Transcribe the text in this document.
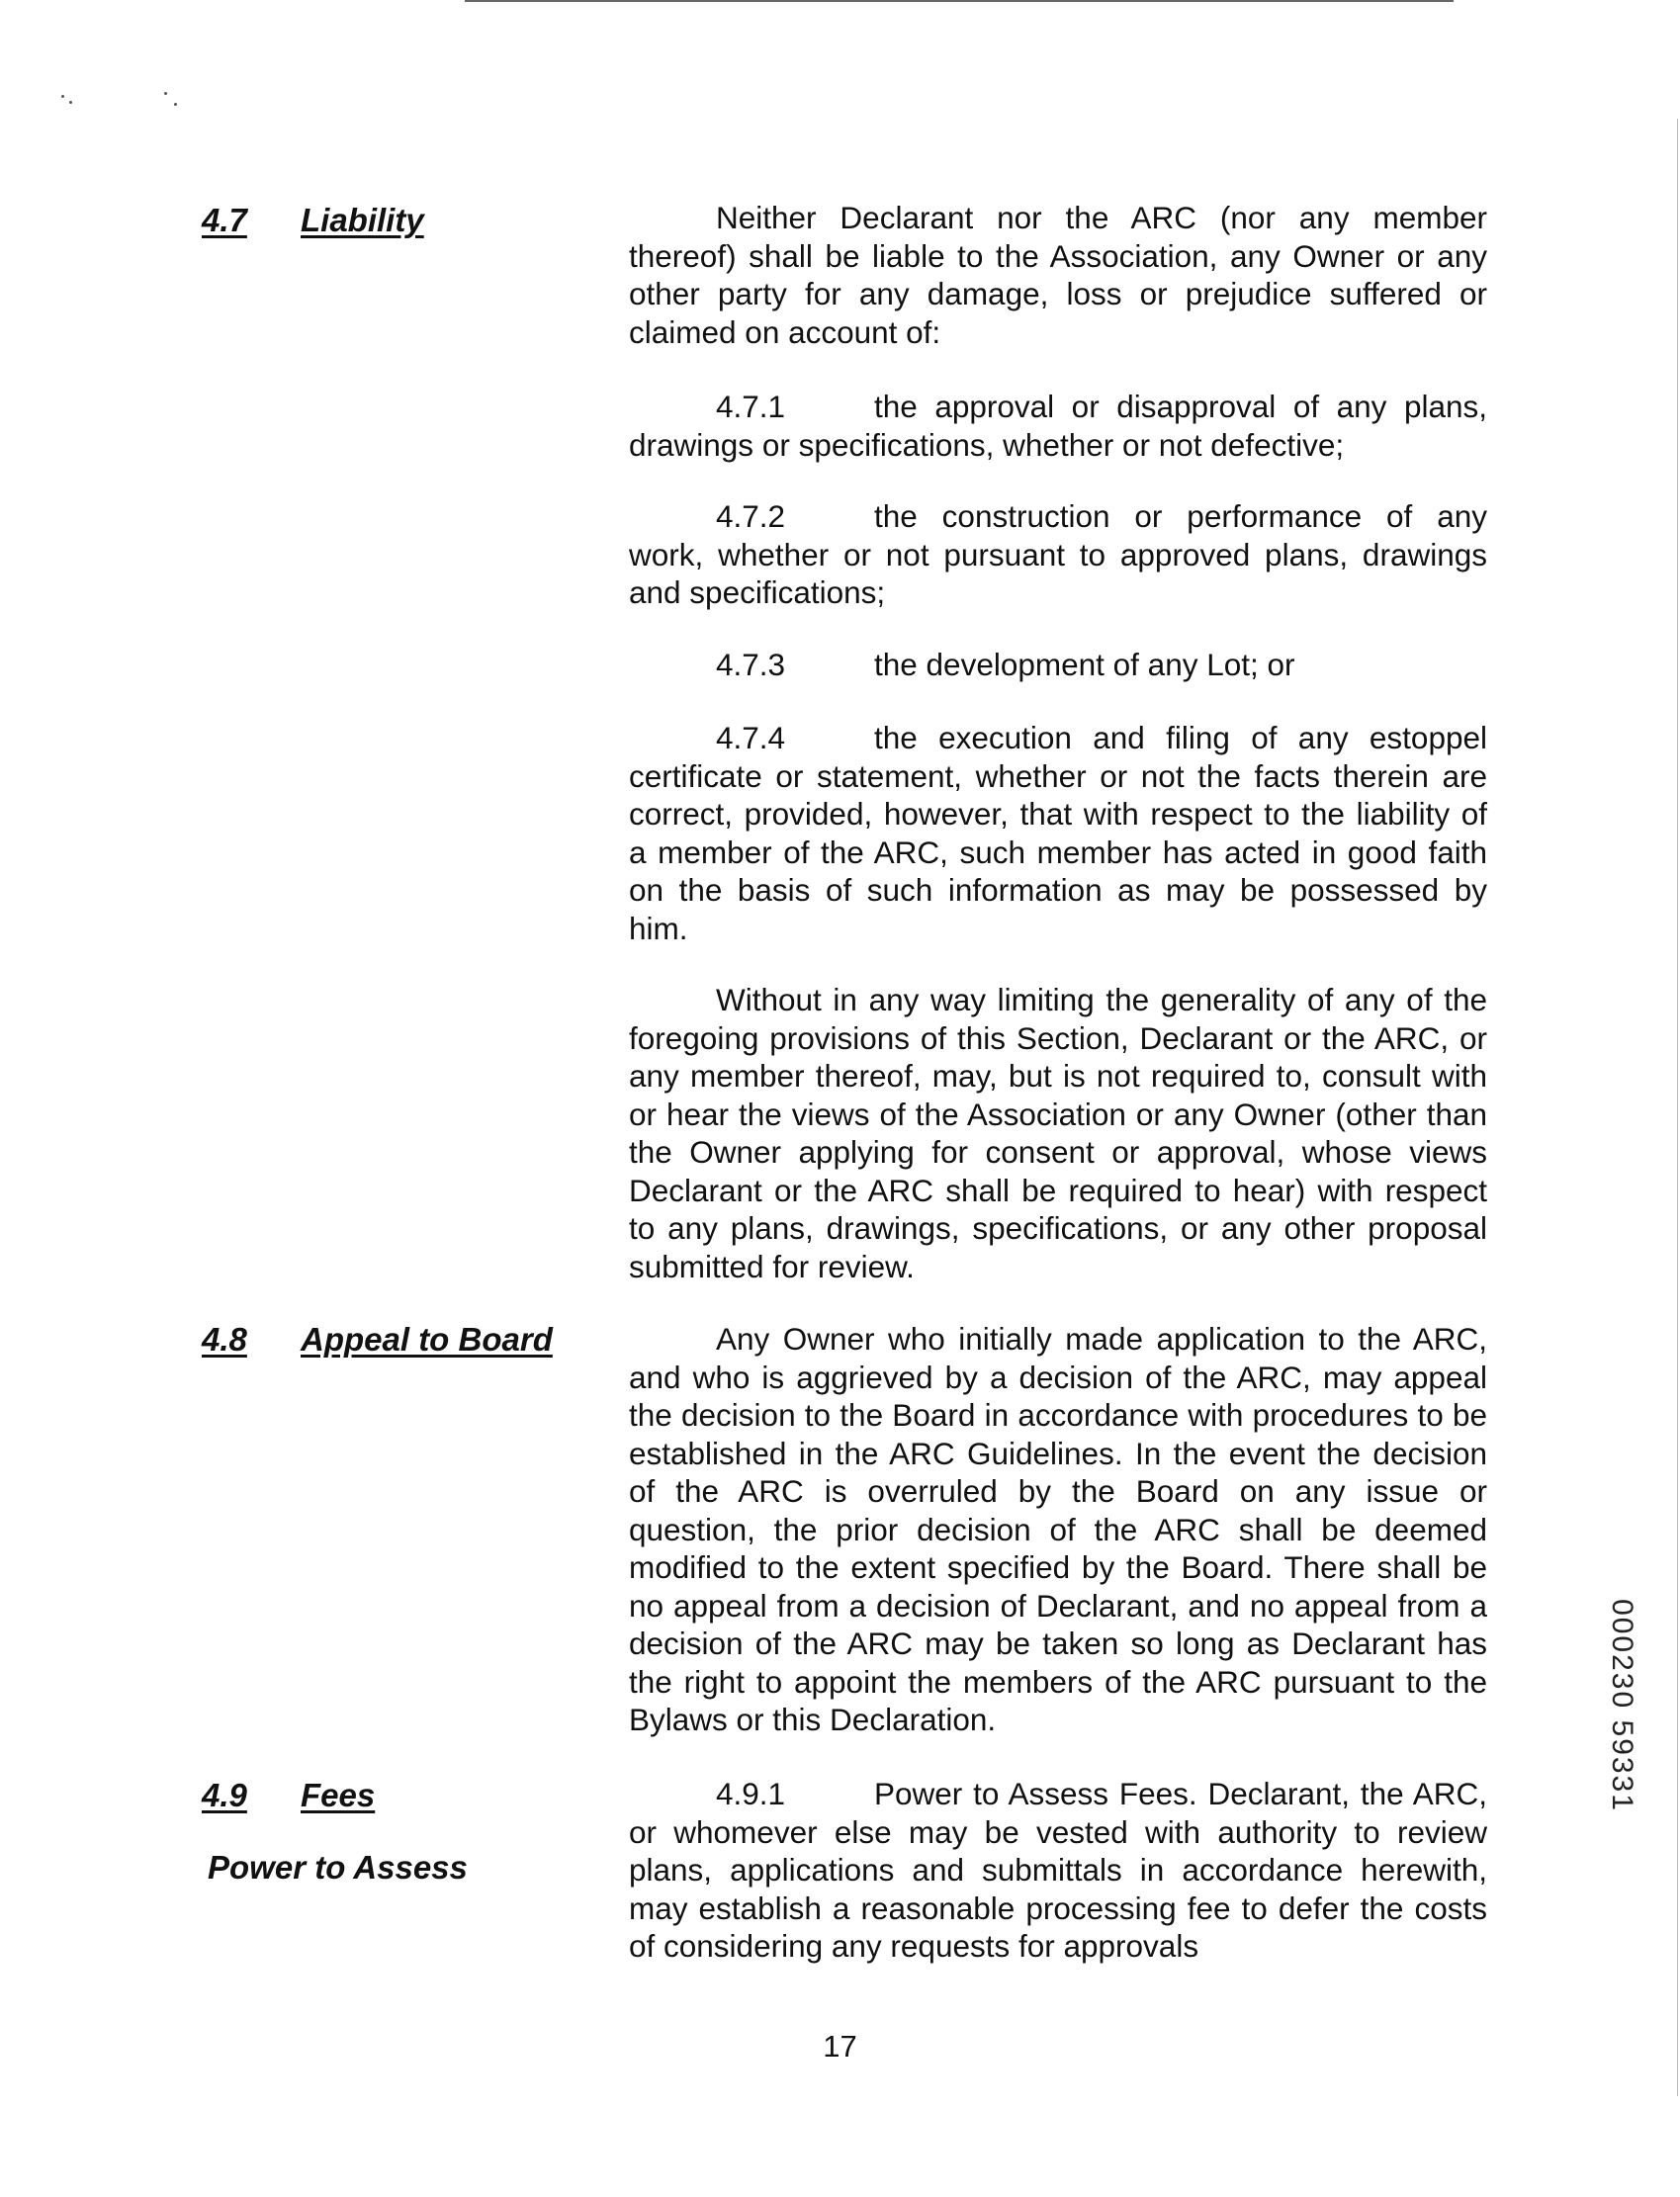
4.7 Liability	Neither Declarant nor the ARC (nor any member thereof) shall be liable to the Association, any Owner or any other party for any damage, loss or prejudice suffered or claimed on account of:

4.7.1	the approval or disapproval of any plans, drawings or specifications, whether or not defective;

4.7.2	the construction or performance of any work, whether or not pursuant to approved plans, drawings and specifications;

4.7.3	the development of any Lot; or

4.7.4	the execution and filing of any estoppel certificate or statement, whether or not the facts therein are correct, provided, however, that with respect to the liability of a member of the ARC, such member has acted in good faith on the basis of such information as may be possessed by him.

Without in any way limiting the generality of any of the foregoing provisions of this Section, Declarant or the ARC, or any member thereof, may, but is not required to, consult with or hear the views of the Association or any Owner (other than the Owner applying for consent or approval, whose views Declarant or the ARC shall be required to hear) with respect to any plans, drawings, specifications, or any other proposal submitted for review.

4.8 Appeal to Board	Any Owner who initially made application to the ARC, and who is aggrieved by a decision of the ARC, may appeal the decision to the Board in accordance with procedures to be established in the ARC Guidelines. In the event the decision of the ARC is overruled by the Board on any issue or question, the prior decision of the ARC shall be deemed modified to the extent specified by the Board. There shall be no appeal from a decision of Declarant, and no appeal from a decision of the ARC may be taken so long as Declarant has the right to appoint the members of the ARC pursuant to the Bylaws or this Declaration.

4.9 Fees
Power to Assess

4.9.1	Power to Assess Fees. Declarant, the ARC, or whomever else may be vested with authority to review plans, applications and submittals in accordance herewith, may establish a reasonable processing fee to defer the costs of considering any requests for approvals

17
000230 59331
